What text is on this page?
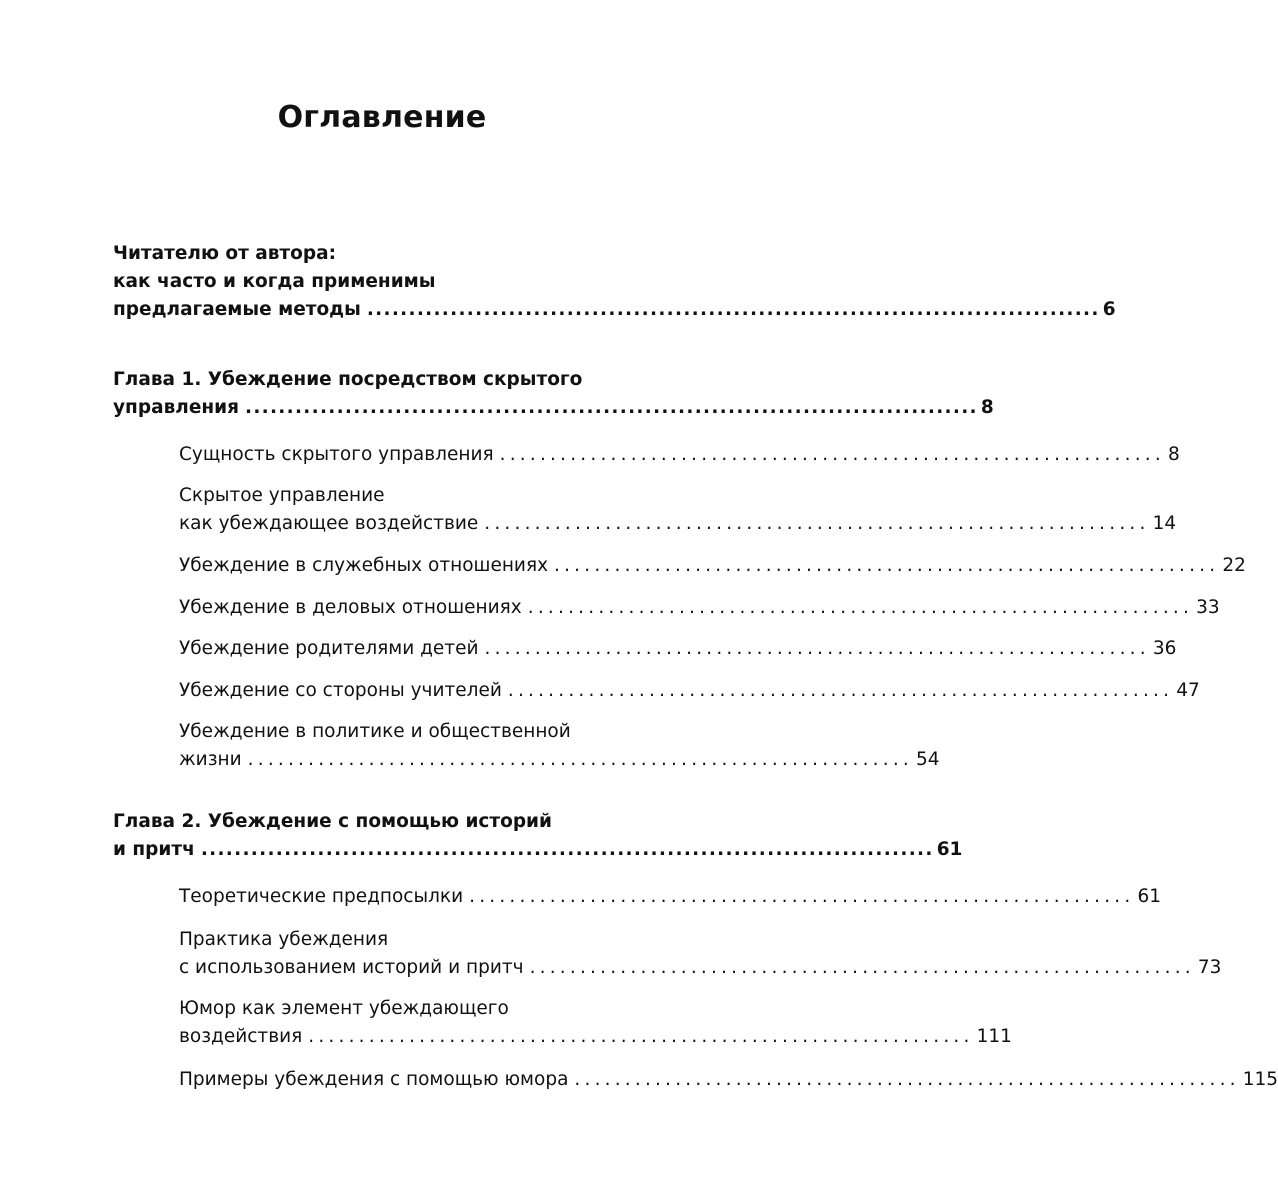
Оглавление
Читателю от автора:
как часто и когда применимы
предлагаемые методы ........................................................................................ 6
Глава 1. Убеждение посредством скрытого
управления ........................................................................................ 8
Сущность скрытого управления .................................................................. 8
Скрытое управление
как убеждающее воздействие .................................................................. 14
Убеждение в служебных отношениях .................................................................. 22
Убеждение в деловых отношениях .................................................................. 33
Убеждение родителями детей .................................................................. 36
Убеждение со стороны учителей .................................................................. 47
Убеждение в политике и общественной
жизни .................................................................. 54
Глава 2. Убеждение с помощью историй
и притч ........................................................................................ 61
Теоретические предпосылки .................................................................. 61
Практика убеждения
с использованием историй и притч .................................................................. 73
Юмор как элемент убеждающего
воздействия .................................................................. 111
Примеры убеждения с помощью юмора .................................................................. 115
